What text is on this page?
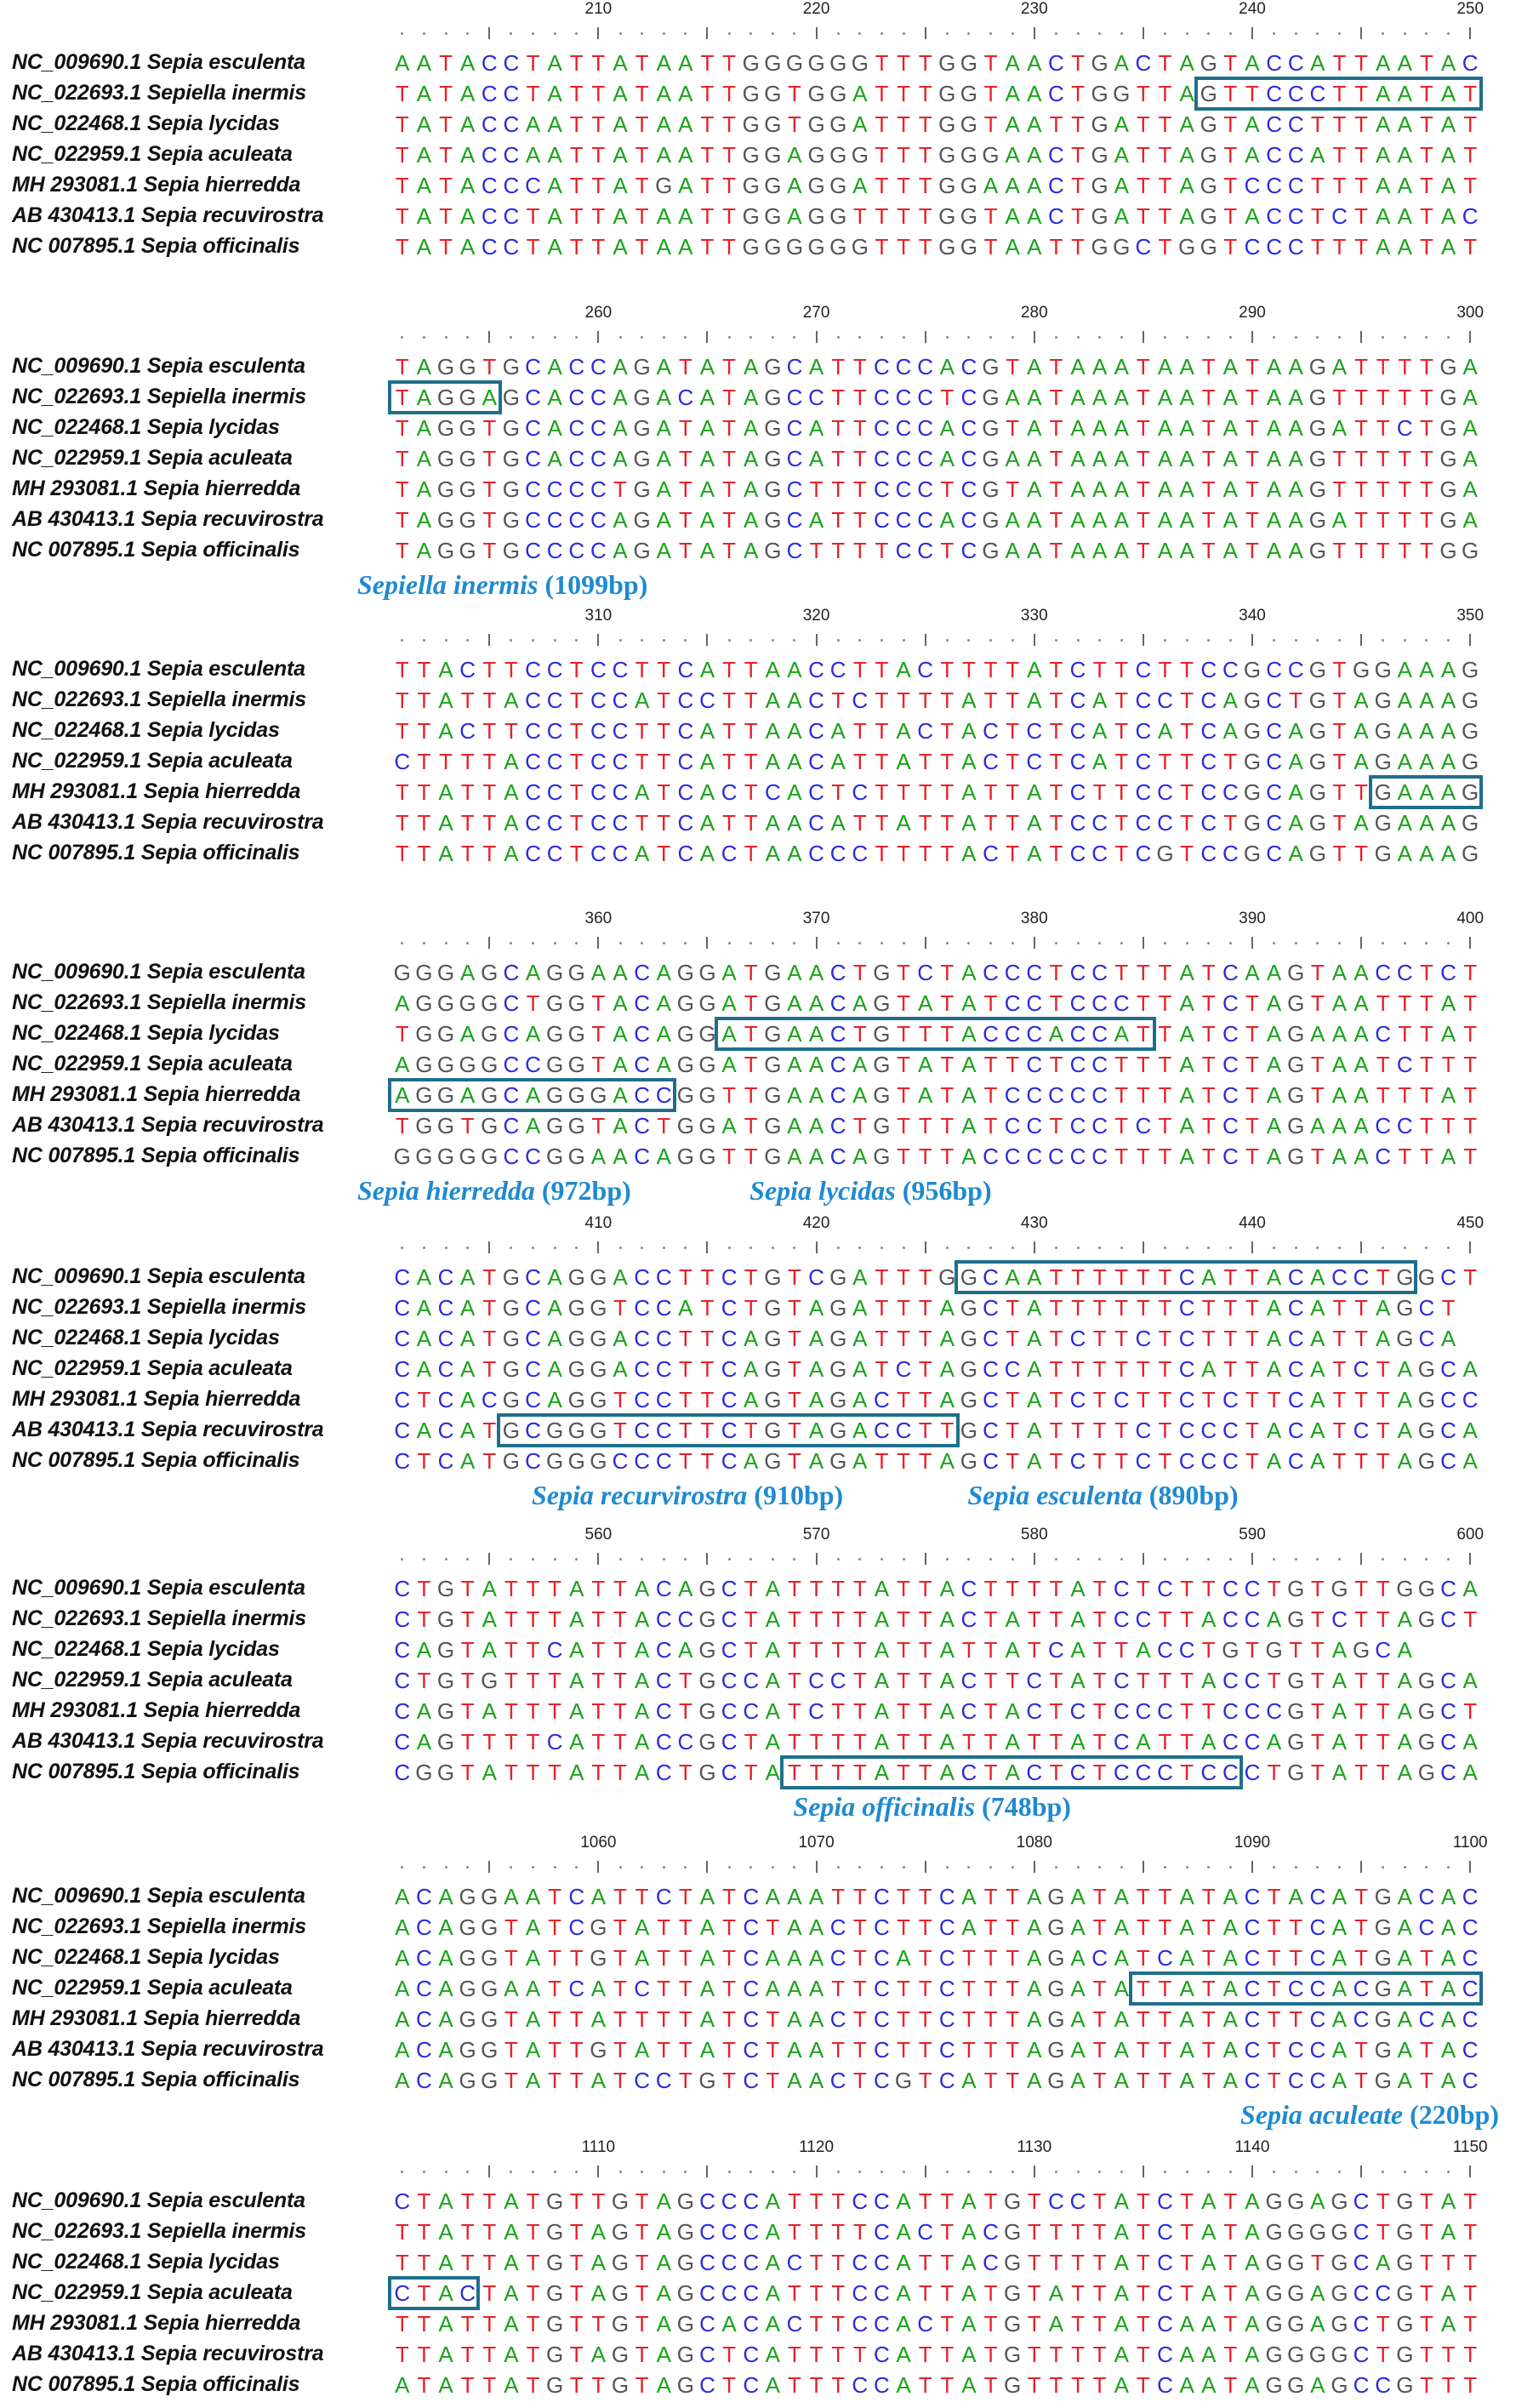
210	220	230	240	250
NC_009690.1 Sepia esculenta	A A T A C C T A T T A T A A T T G G G G G G T T T G G T A A C T G A C T A G T A C C A T T A A T A C
NC_022693.1 Sepiella inermis	T A T A C C T A T T A T A A T T G G T G G A T T T G G T A A C T G G T T A G T T C C C T T A A T A T
NC_022468.1 Sepia lycidas	T A T A C C A A T T A T A A T T G G T G G A T T T G G T A A T T G A T T A G T A C C T T T A A T A T
NC_022959.1 Sepia aculeata	T A T A C C A A T T A T A A T T G G A G G G T T T G G G A A C T G A T T A G T A C C A T T A A T A T
MH 293081.1 Sepia hierredda	T A T A C C C A T T A T G A T T G G A G G A T T T G G A A A C T G A T T A G T C C C T T T A A T A T
AB 430413.1 Sepia recuvirostra	T A T A C C T A T T A T A A T T G G A G G T T T T G G T A A C T G A T T A G T A C C T C T A A T A C
NC 007895.1 Sepia officinalis	T A T A C C T A T T A T A A T T G G G G G G T T T G G T A A T T G G C T G G T C C C T T T A A T A T
260	270	280	290	300
NC_009690.1 Sepia esculenta	T A G G T G C A C C A G A T A T A G C A T T C C C A C G T A T A A A T A A T A T A A G A T T T T G A
NC_022693.1 Sepiella inermis	T A G G A G C A C C A G A C A T A G C C T T C C C T C G A A T A A A T A A T A T A A G T T T T T G A
NC_022468.1 Sepia lycidas	T A G G T G C A C C A G A T A T A G C A T T C C C A C G T A T A A A T A A T A T A A G A T T C T G A
NC_022959.1 Sepia aculeata	T A G G T G C A C C A G A T A T A G C A T T C C C A C G A A T A A A T A A T A T A A G T T T T T G A
MH 293081.1 Sepia hierredda	T A G G T G C C C C T G A T A T A G C T T T C C C T C G T A T A A A T A A T A T A A G T T T T T G A
AB 430413.1 Sepia recuvirostra	T A G G T G C C C C A G A T A T A G C A T T C C C A C G A A T A A A T A A T A T A A G A T T T T G A
NC 007895.1 Sepia officinalis	T A G G T G C C C C A G A T A T A G C T T T T C C T C G A A T A A A T A A T A T A A G T T T T T G G
Sepiella inermis (1099bp)
310	320	330	340	350
NC_009690.1 Sepia esculenta	T T A C T T C C T C C T T C A T T A A C C T T A C T T T T A T C T T C T T C C G C C G T G G A A A G
NC_022693.1 Sepiella inermis	T T A T T A C C T C C A T C C T T A A C T C T T T T A T T A T C A T C C T C A G C T G T A G A A A G
NC_022468.1 Sepia lycidas	T T A C T T C C T C C T T C A T T A A C A T T A C T A C T C T C A T C A T C A G C A G T A G A A A G
NC_022959.1 Sepia aculeata	C T T T T A C C T C C T T C A T T A A C A T T A T T A C T C T C A T C T T C T G C A G T A G A A A G
MH 293081.1 Sepia hierredda	T T A T T A C C T C C A T C A C T C A C T C T T T T A T T A T C T T C C T C C G C A G T T G A A A G
AB 430413.1 Sepia recuvirostra	T T A T T A C C T C C T T C A T T A A C A T T A T T A T T A T C C T C C T C T G C A G T A G A A A G
NC 007895.1 Sepia officinalis	T T A T T A C C T C C A T C A C T A A C C C T T T T A C T A T C C T C G T C C G C A G T T G A A A G
360	370	380	390	400
NC_009690.1 Sepia esculenta	G G G A G C A G G A A C A G G A T G A A C T G T C T A C C C T C C T T T A T C A A G T A A C C T C T
NC_022693.1 Sepiella inermis	A G G G G C T G G T A C A G G A T G A A C A G T A T A T C C T C C C T T A T C T A G T A A T T T A T
NC_022468.1 Sepia lycidas	T G G A G C A G G T A C A G G A T G A A C T G T T T A C C C A C C A T T A T C T A G A A A C T T A T
NC_022959.1 Sepia aculeata	A G G G G C C G G T A C A G G A T G A A C A G T A T A T T C T C C T T T A T C T A G T A A T C T T T
MH 293081.1 Sepia hierredda	A G G A G C A G G G A C C G G T T G A A C A G T A T A T C C C C C T T T A T C T A G T A A T T T A T
AB 430413.1 Sepia recuvirostra	T G G T G C A G G T A C T G G A T G A A C T G T T T A T C C T C C T C T A T C T A G A A A C C T T T
NC 007895.1 Sepia officinalis	G G G G G C C G G A A C A G G T T G A A C A G T T T A C C C C C C T T T A T C T A G T A A C T T A T
Sepia hierredda (972bp)	Sepia lycidas (956bp)
410	420	430	440	450
NC_009690.1 Sepia esculenta	C A C A T G C A G G A C C T T C T G T C G A T T T G G C A A T T T T T T C A T T A C A C C T G G C T
NC_022693.1 Sepiella inermis	C A C A T G C A G G T C C A T C T G T A G A T T T A G C T A T T T T T T C T T T A C A T T A G C T
NC_022468.1 Sepia lycidas	C A C A T G C A G G A C C T T C A G T A G A T T T A G C T A T C T T C T C T T T A C A T T A G C A
NC_022959.1 Sepia aculeata	C A C A T G C A G G A C C T T C A G T A G A T C T A G C C A T T T T T T C A T T A C A T C T A G C A
MH 293081.1 Sepia hierredda	C T C A C G C A G G T C C T T C A G T A G A C T T A G C T A T C T C T T C T C T T C A T T T A G C C
AB 430413.1 Sepia recuvirostra	C A C A T G C G G G T C C T T C T G T A G A C C T T G C T A T T T T C T C C C T A C A T C T A G C A
NC 007895.1 Sepia officinalis	C T C A T G C G G G C C C T T C A G T A G A T T T A G C T A T C T T C T C C C T A C A T T T A G C A
Sepia recurvirostra (910bp)	Sepia esculenta (890bp)
560	570	580	590	600
NC_009690.1 Sepia esculenta	C T G T A T T T A T T A C A G C T A T T T T A T T A C T T T T A T C T C T T C C T G T G T T G G C A
NC_022693.1 Sepiella inermis	C T G T A T T T A T T A C C G C T A T T T T A T T A C T A T T A T C C T T A C C A G T C T T A G C T
NC_022468.1 Sepia lycidas	C A G T A T T C A T T A C A G C T A T T T T A T T A T T A T C A T T A C C T G T G T T A G C A
NC_022959.1 Sepia aculeata	C T G T G T T T A T T A C T G C C A T C C T A T T A C T T C T A T C T T T A C C T G T A T T A G C A
MH 293081.1 Sepia hierredda	C A G T A T T T A T T A C T G C C A T C T T A T T A C T A C T C T C C C T T C C C G T A T T A G C T
AB 430413.1 Sepia recuvirostra	C A G T T T T C A T T A C C G C T A T T T T A T T A T T A T T A T C A T T A C C A G T A T T A G C A
NC 007895.1 Sepia officinalis	C G G T A T T T A T T A C T G C T A T T T T A T T A C T A C T C T C C C T C C C T G T A T T A G C A
Sepia officinalis (748bp)
1060	1070	1080	1090	1100
NC_009690.1 Sepia esculenta	A C A G G A A T C A T T C T A T C A A A T T C T T C A T T A G A T A T T A T A C T A C A T G A C A C
NC_022693.1 Sepiella inermis	A C A G G T A T C G T A T T A T C T A A C T C T T C A T T A G A T A T T A T A C T T C A T G A C A C
NC_022468.1 Sepia lycidas	A C A G G T A T T G T A T T A T C A A A C T C A T C T T T A G A C A T C A T A C T T C A T G A T A C
NC_022959.1 Sepia aculeata	A C A G G A A T C A T C T T A T C A A A T T C T T C T T T A G A T A T T A T A C T C C A C G A T A C
MH 293081.1 Sepia hierredda	A C A G G T A T T A T T T T A T C T A A C T C T T C T T T A G A T A T T A T A C T T C A C G A C A C
AB 430413.1 Sepia recuvirostra	A C A G G T A T T G T A T T A T C T A A T T C T T C T T T A G A T A T T A T A C T C C A T G A T A C
NC 007895.1 Sepia officinalis	A C A G G T A T T A T C C T G T C T A A C T C G T C A T T A G A T A T T A T A C T C C A T G A T A C
Sepia aculeate (220bp)
1110	1120	1130	1140	1150
NC_009690.1 Sepia esculenta	C T A T T A T G T T G T A G C C C A T T T C C A T T A T G T C C T A T C T A T A G G A G C T G T A T
NC_022693.1 Sepiella inermis	T T A T T A T G T A G T A G C C C A T T T T C A C T A C G T T T T A T C T A T A G G G G C T G T A T
NC_022468.1 Sepia lycidas	T T A T T A T G T A G T A G C C C A C T T C C A T T A C G T T T T A T C T A T A G G T G C A G T T T
NC_022959.1 Sepia aculeata	C T A C T A T G T A G T A G C C C A T T T C C A T T A T G T A T T A T C T A T A G G A G C C G T A T
MH 293081.1 Sepia hierredda	T T A T T A T G T T G T A G C A C A C T T C C A C T A T G T A T T A T C A A T A G G A G C T G T A T
AB 430413.1 Sepia recuvirostra	T T A T T A T G T A G T A G C T C A T T T T C A T T A T G T T T T A T C A A T A G G G G C T G T T T
NC 007895.1 Sepia officinalis	A T A T T A T G T T G T A G C T C A T T T C C A T T A T G T T T T A T C A A T A G G A G C C G T T T
